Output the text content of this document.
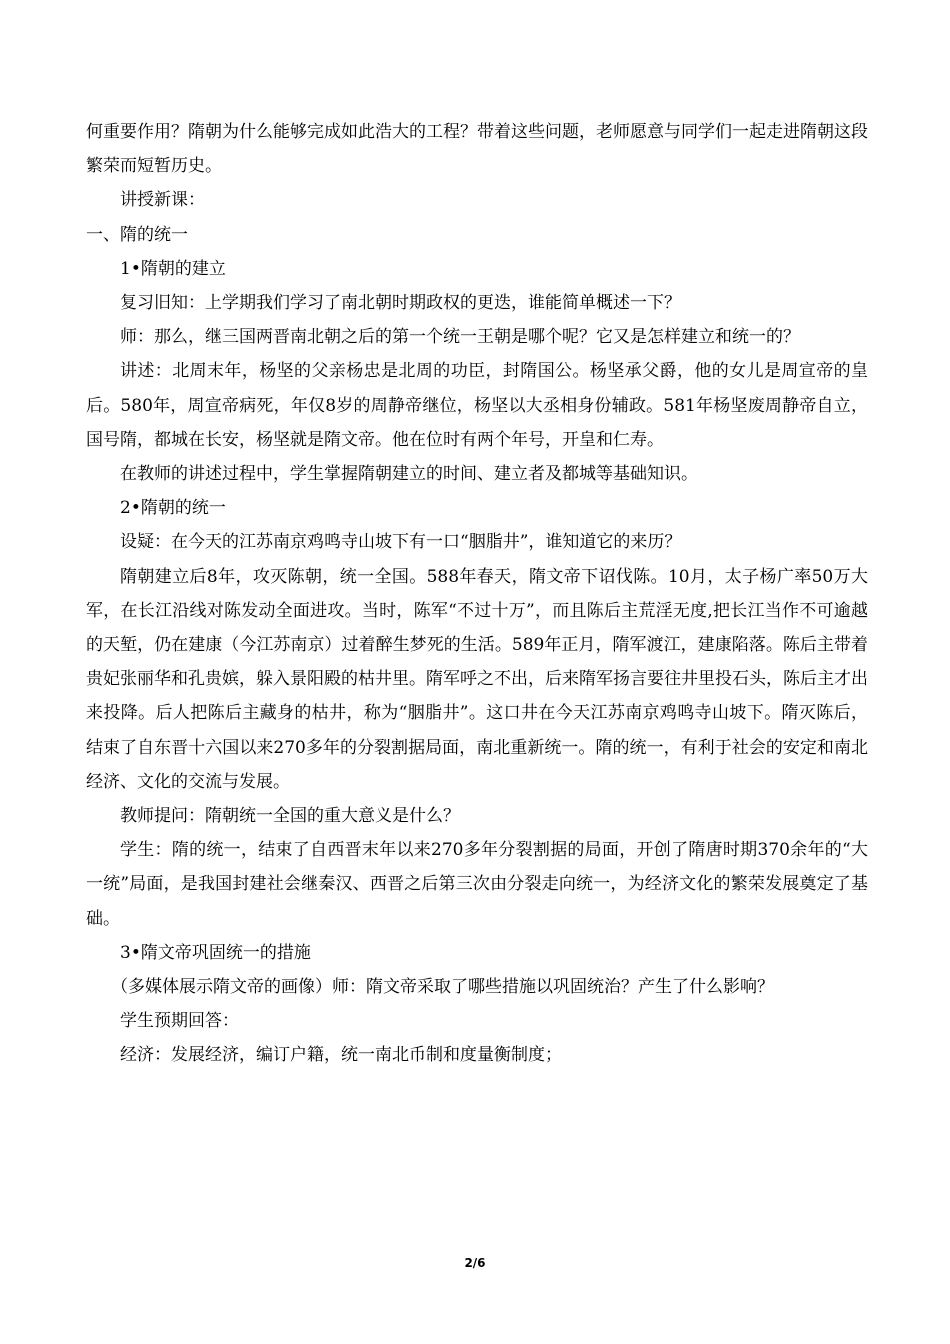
何重要作用？隋朝为什么能够完成如此浩大的工程？带着这些问题，老师愿意与同学们一起走进隋朝这段繁荣而短暂历史。

讲授新课：

一、隋的统一

1•隋朝的建立

复习旧知：上学期我们学习了南北朝时期政权的更迭，谁能简单概述一下？

师：那么，继三国两晋南北朝之后的第一个统一王朝是哪个呢？它又是怎样建立和统一的？

讲述：北周末年，杨坚的父亲杨忠是北周的功臣，封隋国公。杨坚承父爵，他的女儿是周宣帝的皇后。580年，周宣帝病死，年仅8岁的周静帝继位，杨坚以大丞相身份辅政。581年杨坚废周静帝自立，国号隋，都城在长安，杨坚就是隋文帝。他在位时有两个年号，开皇和仁寿。

在教师的讲述过程中，学生掌握隋朝建立的时间、建立者及都城等基础知识。

2•隋朝的统一

设疑：在今天的江苏南京鸡鸣寺山坡下有一口“胭脂井”，谁知道它的来历？

隋朝建立后8年，攻灭陈朝，统一全国。588年春天，隋文帝下诏伐陈。10月，太子杨广率50万大军，在长江沿线对陈发动全面进攻。当时，陈军“不过十万”，而且陈后主荒淫无度,把长江当作不可逾越的天堑，仍在建康（今江苏南京）过着醉生梦死的生活。589年正月，隋军渡江，建康陷落。陈后主带着贵妃张丽华和孔贵嫔，躲入景阳殿的枯井里。隋军呼之不出，后来隋军扬言要往井里投石头，陈后主才出来投降。后人把陈后主藏身的枯井，称为“胭脂井”。这口井在今天江苏南京鸡鸣寺山坡下。隋灭陈后，结束了自东晋十六国以来270多年的分裂割据局面，南北重新统一。隋的统一，有利于社会的安定和南北经济、文化的交流与发展。

教师提问：隋朝统一全国的重大意义是什么？

学生：隋的统一，结束了自西晋末年以来270多年分裂割据的局面，开创了隋唐时期370余年的“大一统”局面，是我国封建社会继秦汉、西晋之后第三次由分裂走向统一，为经济文化的繁荣发展奠定了基础。

3•隋文帝巩固统一的措施

（多媒体展示隋文帝的画像）师：隋文帝采取了哪些措施以巩固统治？产生了什么影响？

学生预期回答：

经济：发展经济，编订户籍，统一南北币制和度量衡制度；

2/6
